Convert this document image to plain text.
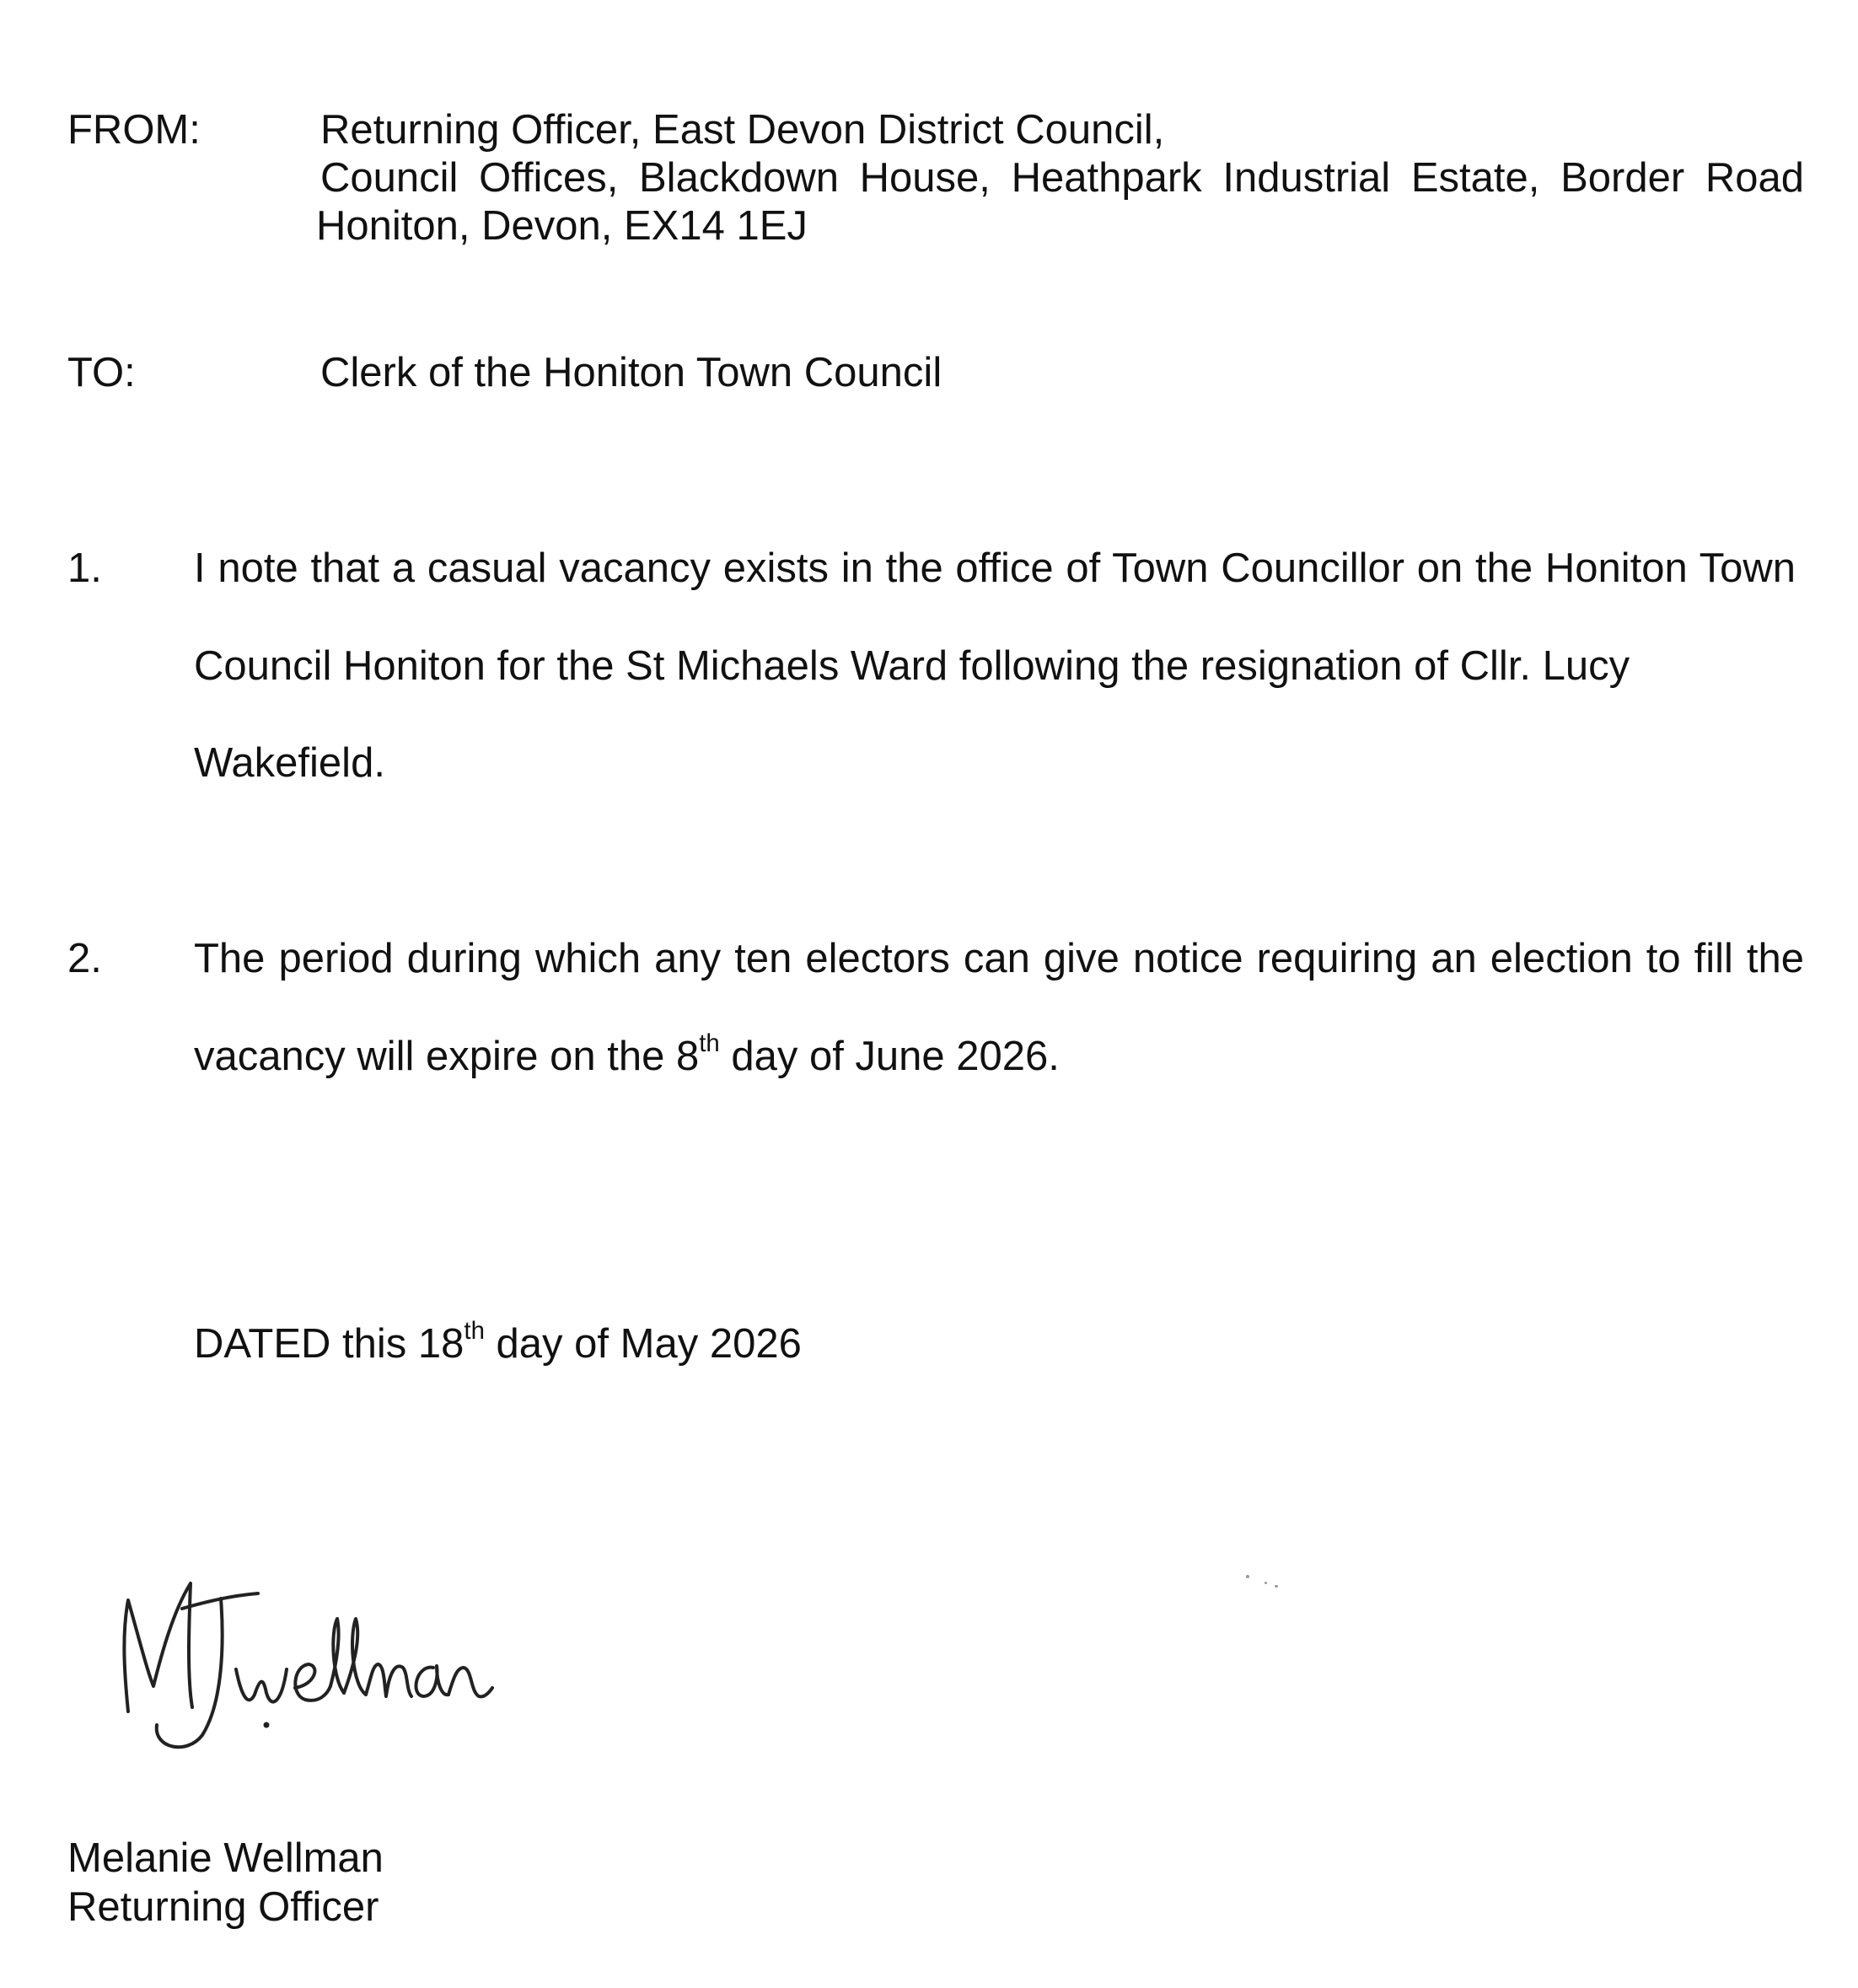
FROM:	Returning Officer, East Devon District Council,
Council Offices, Blackdown House, Heathpark Industrial Estate, Border Road
Honiton, Devon, EX14 1EJ
TO:	Clerk of the Honiton Town Council
1. I note that a casual vacancy exists in the office of Town Councillor on the Honiton Town
Council Honiton for the St Michaels Ward following the resignation of Cllr. Lucy
Wakefield.
2. The period during which any ten electors can give notice requiring an election to fill the
vacancy will expire on the 8th day of June 2026.
DATED this 18th day of May 2026
Melanie Wellman
Returning Officer
